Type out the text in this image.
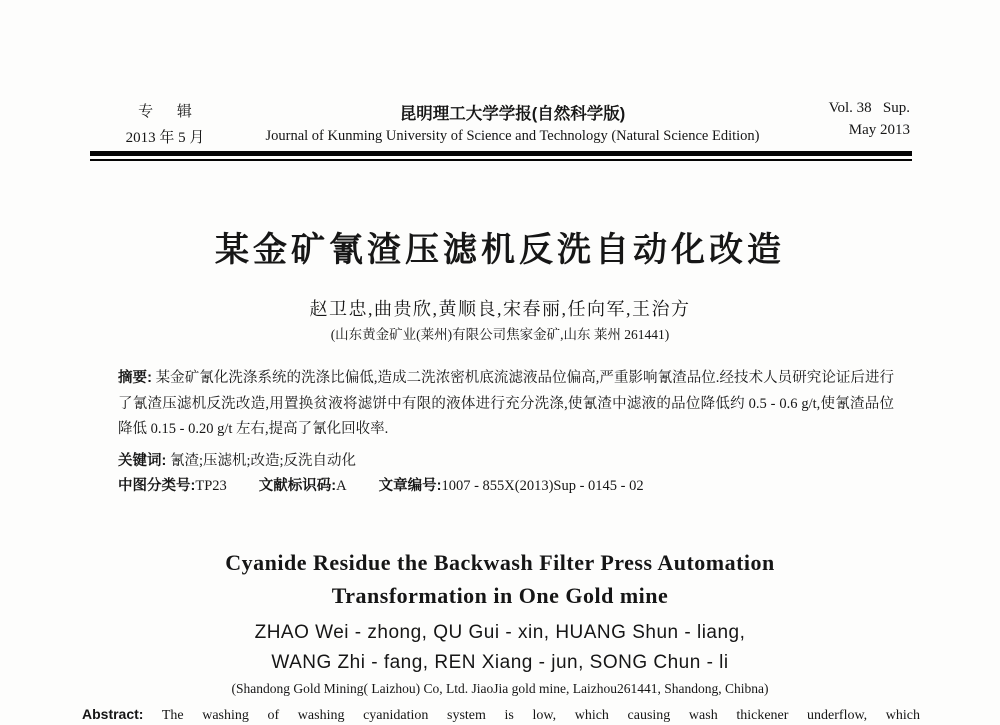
专 辑
2013 年 5 月
昆明理工大学学报(自然科学版)
Journal of Kunming University of Science and Technology (Natural Science Edition)
Vol. 38   Sup.
May 2013
某金矿氰渣压滤机反洗自动化改造
赵卫忠,曲贵欣,黄顺良,宋春丽,任向军,王治方
(山东黄金矿业(莱州)有限公司焦家金矿,山东 莱州 261441)

摘要: 某金矿氰化洗涤系统的洗涤比偏低,造成二洗浓密机底流滤液品位偏高,严重影响氰渣品位.经技术人员研究论证后进行了氰渣压滤机反洗改造,用置换贫液将滤饼中有限的液体进行充分洗涤,使氰渣中滤液的品位降低约 0.5 - 0.6 g/t,使氰渣品位降低 0.15 - 0.20 g/t 左右,提高了氰化回收率.

关键词: 氰渣;压滤机;改造;反洗自动化

中图分类号:TP23 文献标识码:A 文章编号:1007 - 855X(2013)Sup - 0145 - 02

Cyanide Residue the Backwash Filter Press Automation
Transformation in One Gold mine
ZHAO Wei - zhong, QU Gui - xin, HUANG Shun - liang,
WANG Zhi - fang, REN Xiang - jun, SONG Chun - li
(Shandong Gold Mining( Laizhou) Co, Ltd. JiaoJia gold mine, Laizhou261441, Shandong, Chibna)
Abstract: The washing of washing cyanidation system is low, which causing wash thickener underflow, which
